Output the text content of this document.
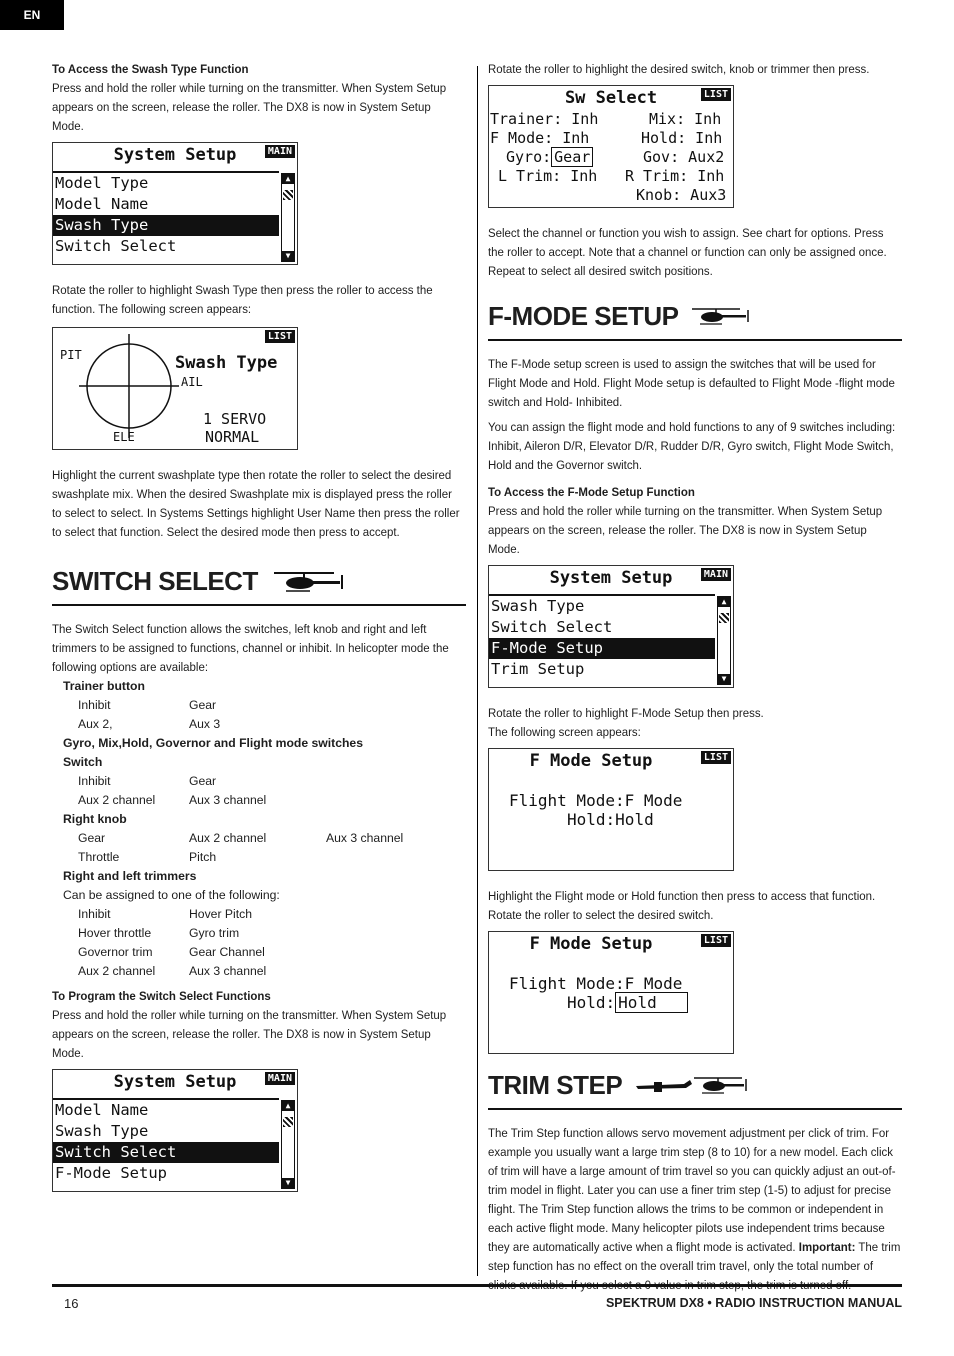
EN
To Access the Swash Type Function

Press and hold the roller while turning on the transmitter. When System Setup appears on the screen, release the roller. The DX8 is now in System Setup Mode.

System Setup	MAIN
Model Type
Model Name
Swash Type
Switch Select
▲
▼

Rotate the roller to highlight Swash Type then press the roller to access the function. The following screen appears:

LIST
PIT
AIL
ELE
Swash Type
1 SERVO
NORMAL

Highlight the current swashplate type then rotate the roller to select the desired swashplate mix. When the desired Swashplate mix is displayed press the roller to select to select. In Systems Settings highlight User Name then press the roller to select that function. Select the desired mode then press to accept.

SWITCH SELECT

The Switch Select function allows the switches, left knob and right and left trimmers to be assigned to functions, channel or inhibit. In helicopter mode the following options are available:

Trainer button
Inhibit	Gear
Aux 2,	Aux 3
Gyro, Mix,Hold, Governor and Flight mode switches
Switch
Inhibit	Gear
Aux 2 channel	Aux 3 channel
Right knob
Gear	Aux 2 channel	Aux 3 channel
Throttle	Pitch
Right and left trimmers
Can be assigned to one of the following:
Inhibit	Hover Pitch
Hover throttle	Gyro trim
Governor trim	Gear Channel
Aux 2 channel	Aux 3 channel
To Program the Switch Select Functions

Press and hold the roller while turning on the transmitter. When System Setup appears on the screen, release the roller. The DX8 is now in System Setup Mode.

System Setup	MAIN
Model Name
Swash Type
Switch Select
F-Mode Setup
▲
▼

Rotate the roller to highlight the desired switch, knob or trimmer then press.

Sw Select	LIST
Trainer: Inh	Mix: Inh
F Mode: Inh	Hold: Inh
Gyro: Gear	Gov: Aux2
L Trim: Inh R Trim: Inh
Knob: Aux3

Select the channel or function you wish to assign. See chart for options. Press the roller to accept. Note that a channel or function can only be assigned once. Repeat to select all desired switch positions.

F-MODE SETUP

The F-Mode setup screen is used to assign the switches that will be used for Flight Mode and Hold. Flight Mode setup is defaulted to Flight Mode -flight mode switch and Hold- Inhibited.

You can assign the flight mode and hold functions to any of 9 switches including: Inhibit, Aileron D/R, Elevator D/R, Rudder D/R, Gyro switch, Flight Mode Switch, Hold and the Governor switch.

To Access the F-Mode Setup Function

Press and hold the roller while turning on the transmitter. When System Setup appears on the screen, release the roller. The DX8 is now in System Setup Mode.

System Setup	MAIN
Swash Type
Switch Select
F-Mode Setup
Trim Setup
▲
▼

Rotate the roller to highlight F-Mode Setup then press.

The following screen appears:

F Mode Setup	LIST
Flight Mode:F Mode
Hold:Hold

Highlight the Flight mode or Hold function then press to access that function. Rotate the roller to select the desired switch.

F Mode Setup	LIST
Flight Mode:F Mode
Hold: Hold
TRIM STEP

The Trim Step function allows servo movement adjustment per click of trim. For example you usually want a large trim step (8 to 10) for a new model. Each click of trim will have a large amount of trim travel so you can quickly adjust an out-of-trim model in flight. Later you can use a finer trim step (1-5) to adjust for precise flight. The Trim Step function allows the trims to be common or independent in each active flight mode. Many helicopter pilots use independent trims because they are automatically active when a flight mode is activated. Important: The trim step function has no effect on the overall trim travel, only the total number of

16	SPEKTRUM DX8 • RADIO INSTRUCTION MANUAL
